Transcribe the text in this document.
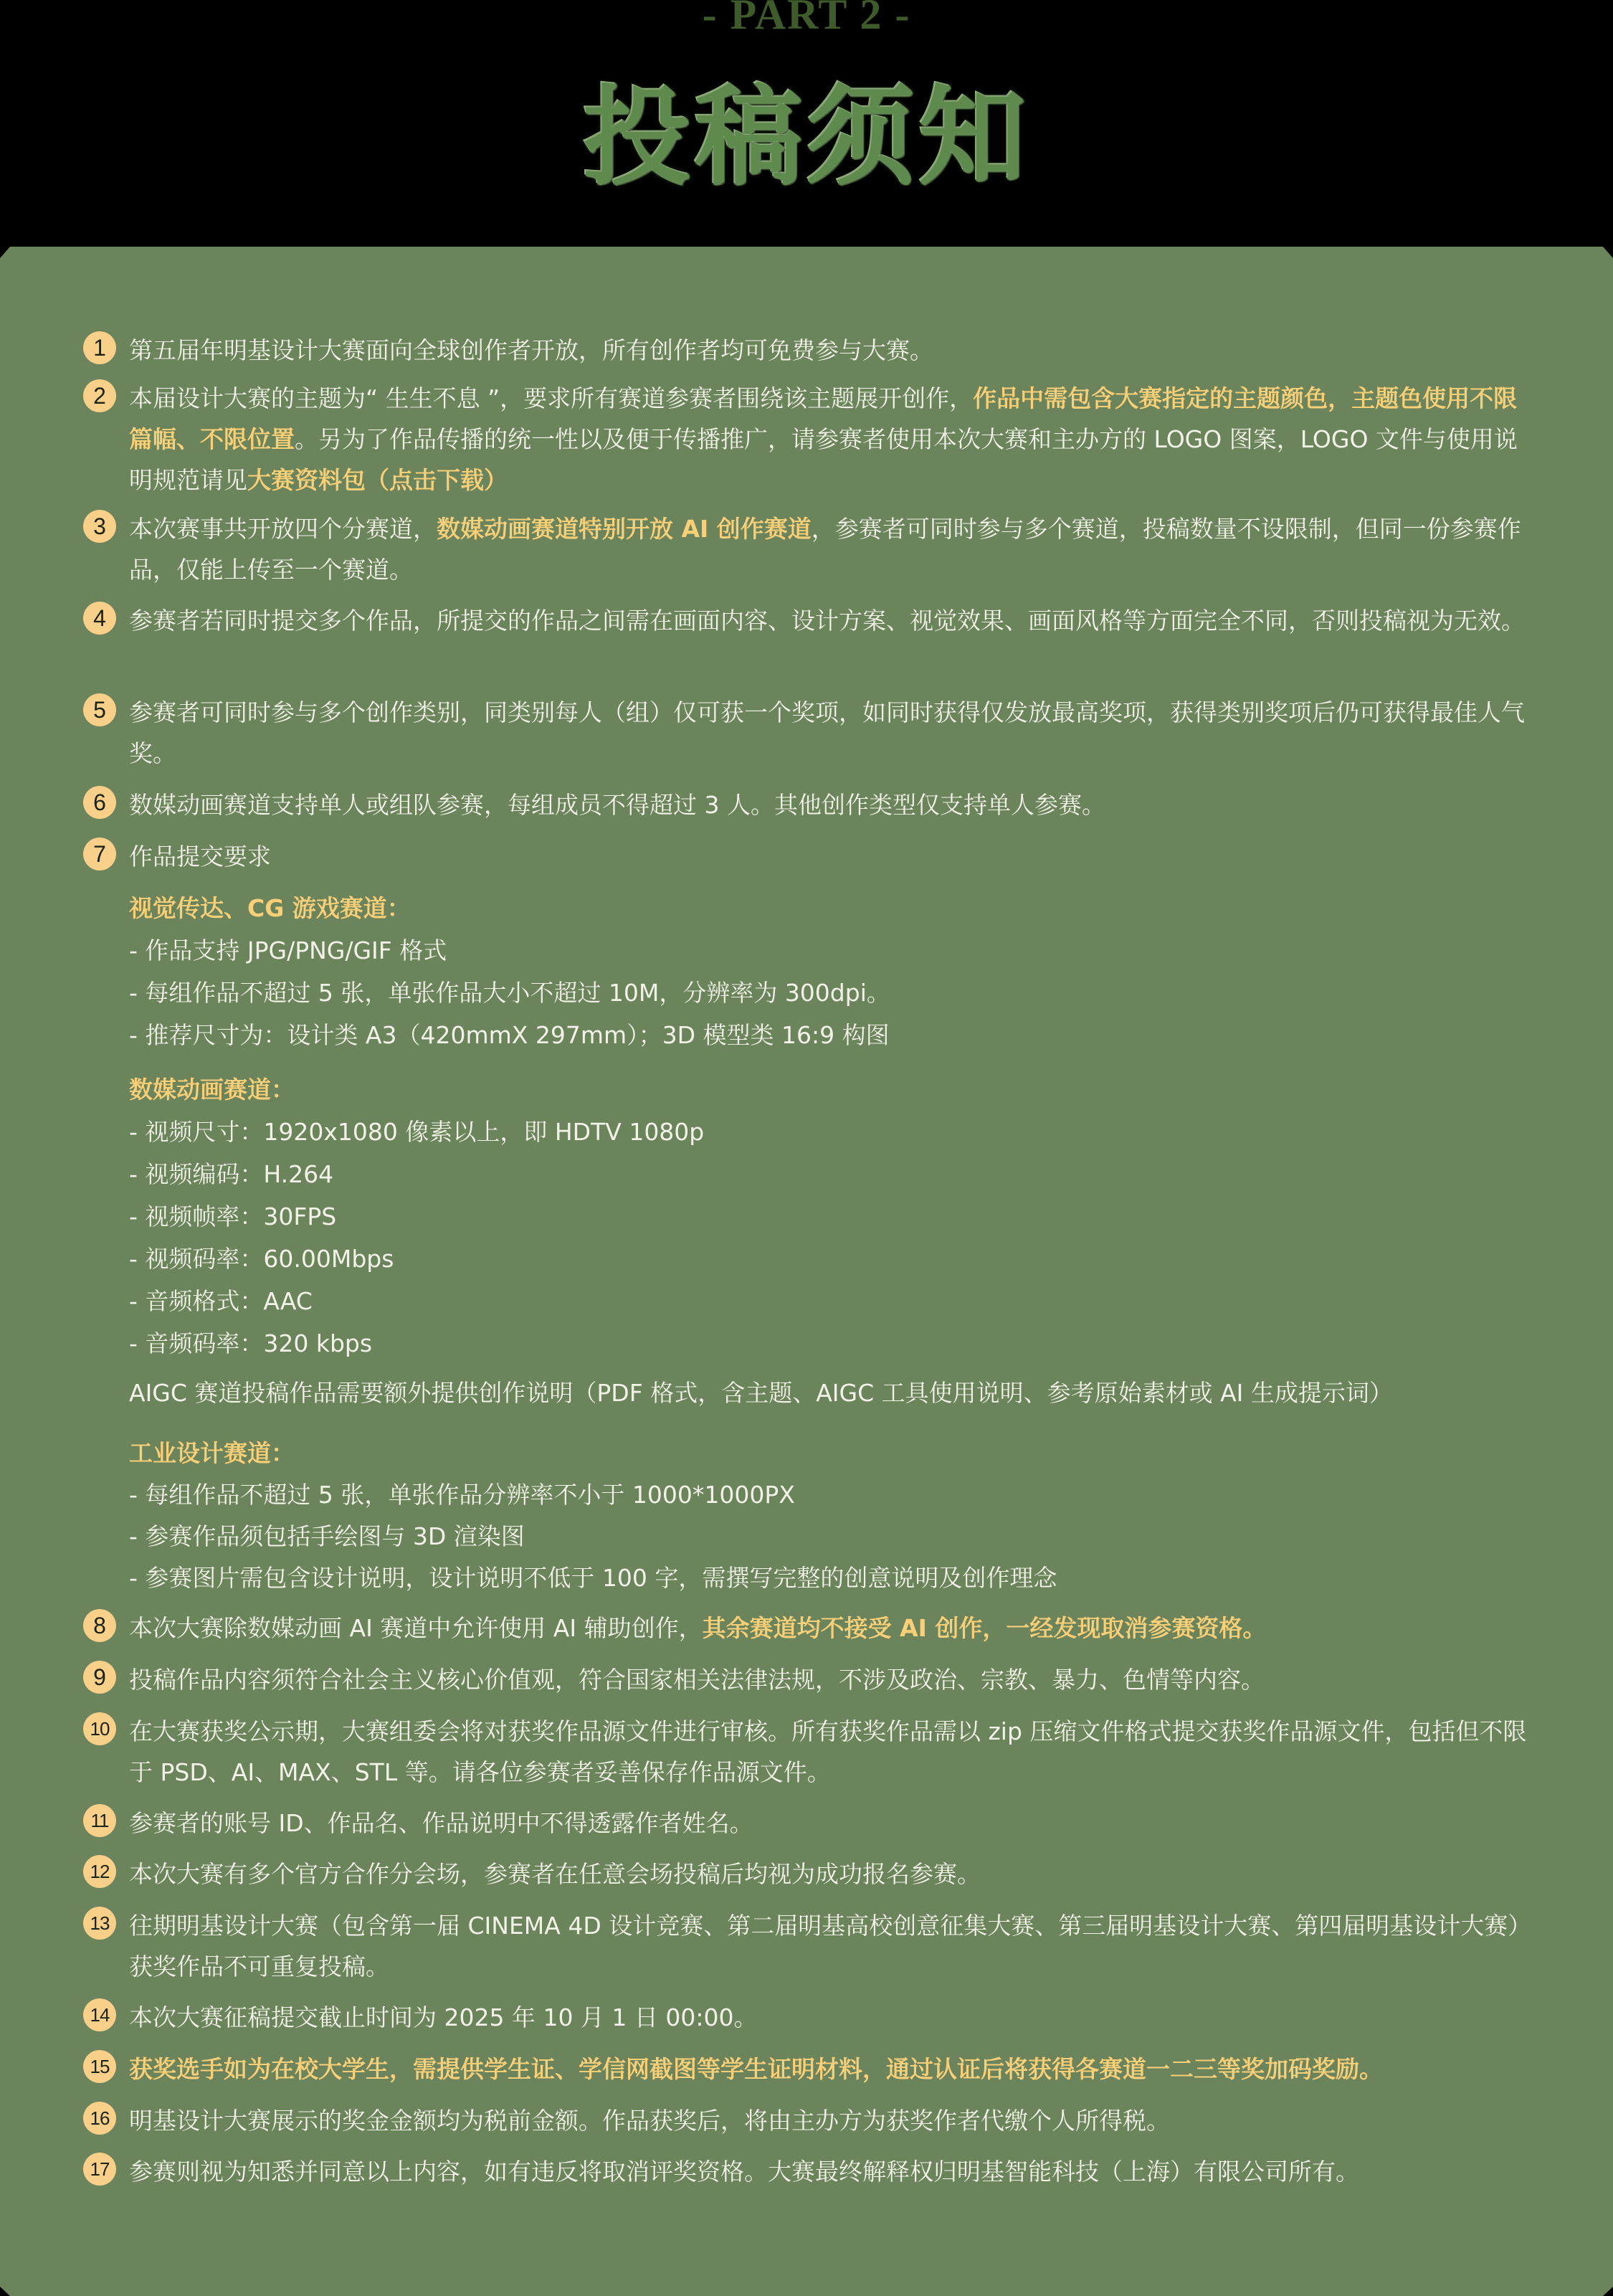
- PART 2 -
投稿须知
1 第五届年明基设计大赛面向全球创作者开放，所有创作者均可免费参与大赛。
2 本届设计大赛的主题为“ 生生不息 ”，要求所有赛道参赛者围绕该主题展开创作，作品中需包含大赛指定的主题颜色，主题色使用不限篇幅、不限位置。另为了作品传播的统一性以及便于传播推广，请参赛者使用本次大赛和主办方的 LOGO 图案，LOGO 文件与使用说明规范请见大赛资料包（点击下载）
3 本次赛事共开放四个分赛道，数媒动画赛道特别开放 AI 创作赛道，参赛者可同时参与多个赛道，投稿数量不设限制，但同一份参赛作品，仅能上传至一个赛道。
4 参赛者若同时提交多个作品，所提交的作品之间需在画面内容、设计方案、视觉效果、画面风格等方面完全不同，否则投稿视为无效。
5 参赛者可同时参与多个创作类别，同类别每人（组）仅可获一个奖项，如同时获得仅发放最高奖项，获得类别奖项后仍可获得最佳人气奖。
6 数媒动画赛道支持单人或组队参赛，每组成员不得超过 3 人。其他创作类型仅支持单人参赛。
7 作品提交要求
视觉传达、CG 游戏赛道：
- 作品支持 JPG/PNG/GIF 格式
- 每组作品不超过 5 张，单张作品大小不超过 10M，分辨率为 300dpi。
- 推荐尺寸为：设计类 A3（420mmX 297mm）；3D 模型类 16:9 构图
数媒动画赛道：
- 视频尺寸：1920x1080 像素以上，即 HDTV 1080p
- 视频编码：H.264
- 视频帧率：30FPS
- 视频码率：60.00Mbps
- 音频格式：AAC
- 音频码率：320 kbps
AIGC 赛道投稿作品需要额外提供创作说明（PDF 格式，含主题、AIGC 工具使用说明、参考原始素材或 AI 生成提示词）
工业设计赛道：
- 每组作品不超过 5 张，单张作品分辨率不小于 1000*1000PX
- 参赛作品须包括手绘图与 3D 渲染图
- 参赛图片需包含设计说明，设计说明不低于 100 字，需撰写完整的创意说明及创作理念
8 本次大赛除数媒动画 AI 赛道中允许使用 AI 辅助创作，其余赛道均不接受 AI 创作，一经发现取消参赛资格。
9 投稿作品内容须符合社会主义核心价值观，符合国家相关法律法规，不涉及政治、宗教、暴力、色情等内容。
10 在大赛获奖公示期，大赛组委会将对获奖作品源文件进行审核。所有获奖作品需以 zip 压缩文件格式提交获奖作品源文件，包括但不限于 PSD、AI、MAX、STL 等。请各位参赛者妥善保存作品源文件。
11 参赛者的账号 ID、作品名、作品说明中不得透露作者姓名。
12 本次大赛有多个官方合作分会场，参赛者在任意会场投稿后均视为成功报名参赛。
13 往期明基设计大赛（包含第一届 CINEMA 4D 设计竞赛、第二届明基高校创意征集大赛、第三届明基设计大赛、第四届明基设计大赛）获奖作品不可重复投稿。
14 本次大赛征稿提交截止时间为 2025 年 10 月 1 日 00:00。
15 获奖选手如为在校大学生，需提供学生证、学信网截图等学生证明材料，通过认证后将获得各赛道一二三等奖加码奖励。
16 明基设计大赛展示的奖金金额均为税前金额。作品获奖后，将由主办方为获奖作者代缴个人所得税。
17 参赛则视为知悉并同意以上内容，如有违反将取消评奖资格。大赛最终解释权归明基智能科技（上海）有限公司所有。
